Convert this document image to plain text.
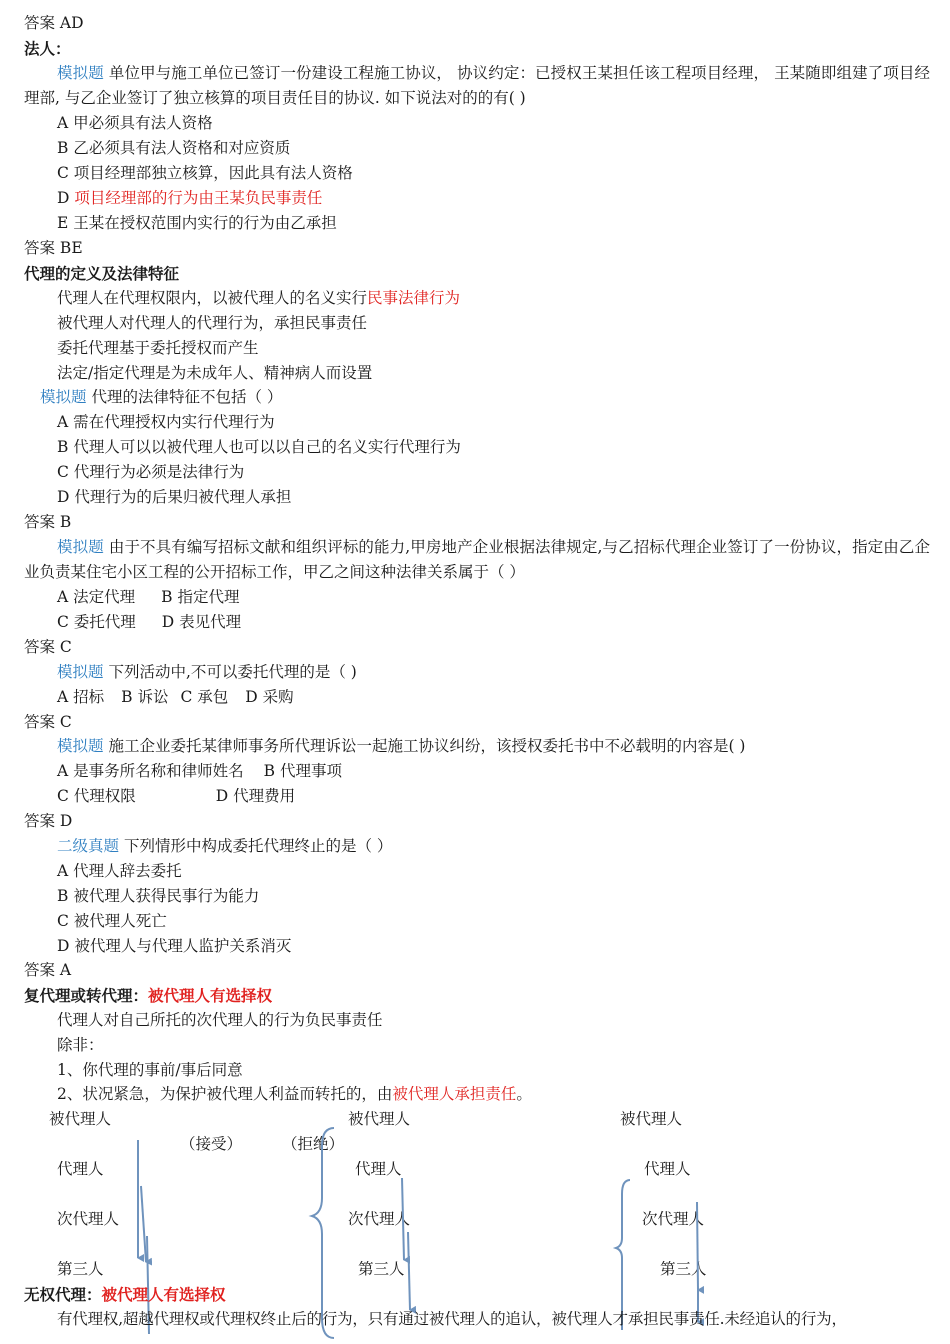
答案 AD
法人：
模拟题 单位甲与施工单位已签订一份建设工程施工协议， 协议约定：已授权王某担任该工程项目经理， 王某随即组建了项目经理部, 与乙企业签订了独立核算的项目责任目的协议. 如下说法对的的有( )
A 甲必须具有法人资格
B 乙必须具有法人资格和对应资质
C 项目经理部独立核算，因此具有法人资格
D 项目经理部的行为由王某负民事责任
E 王某在授权范围内实行的行为由乙承担
答案 BE
代理的定义及法律特征
代理人在代理权限内，以被代理人的名义实行民事法律行为
被代理人对代理人的代理行为，承担民事责任
委托代理基于委托授权而产生
法定/指定代理是为未成年人、精神病人而设置
模拟题 代理的法律特征不包括（ ）
A 需在代理授权内实行代理行为
B 代理人可以以被代理人也可以以自己的名义实行代理行为
C 代理行为必须是法律行为
D 代理行为的后果归被代理人承担
答案 B
模拟题 由于不具有编写招标文献和组织评标的能力,甲房地产企业根据法律规定,与乙招标代理企业签订了一份协议，指定由乙企业负责某住宅小区工程的公开招标工作，甲乙之间这种法律关系属于（ ）
A 法定代理 B 指定代理
C 委托代理 D 表见代理
答案 C
模拟题 下列活动中,不可以委托代理的是（ )
A 招标 B 诉讼 C 承包 D 采购
答案 C
模拟题 施工企业委托某律师事务所代理诉讼一起施工协议纠纷，该授权委托书中不必载明的内容是( )
A 是事务所名称和律师姓名 B 代理事项
C 代理权限	D 代理费用
答案 D
二级真题 下列情形中构成委托代理终止的是（ ）
A 代理人辞去委托
B 被代理人获得民事行为能力
C 被代理人死亡
D 被代理人与代理人监护关系消灭
答案 A
复代理或转代理：被代理人有选择权
代理人对自己所托的次代理人的行为负民事责任
除非：
1、你代理的事前/事后同意
2、状况紧急，为保护被代理人利益而转托的，由被代理人承担责任。
被代理人
代理人
次代理人
第三人
（接受）	（拒绝）
被代理人
代理人
次代理人
第三人
被代理人
代理人
次代理人
第三人
无权代理：被代理人有选择权
有代理权,超越代理权或代理权终止后的行为，只有通过被代理人的追认，被代理人才承担民事责任.未经追认的行为，
